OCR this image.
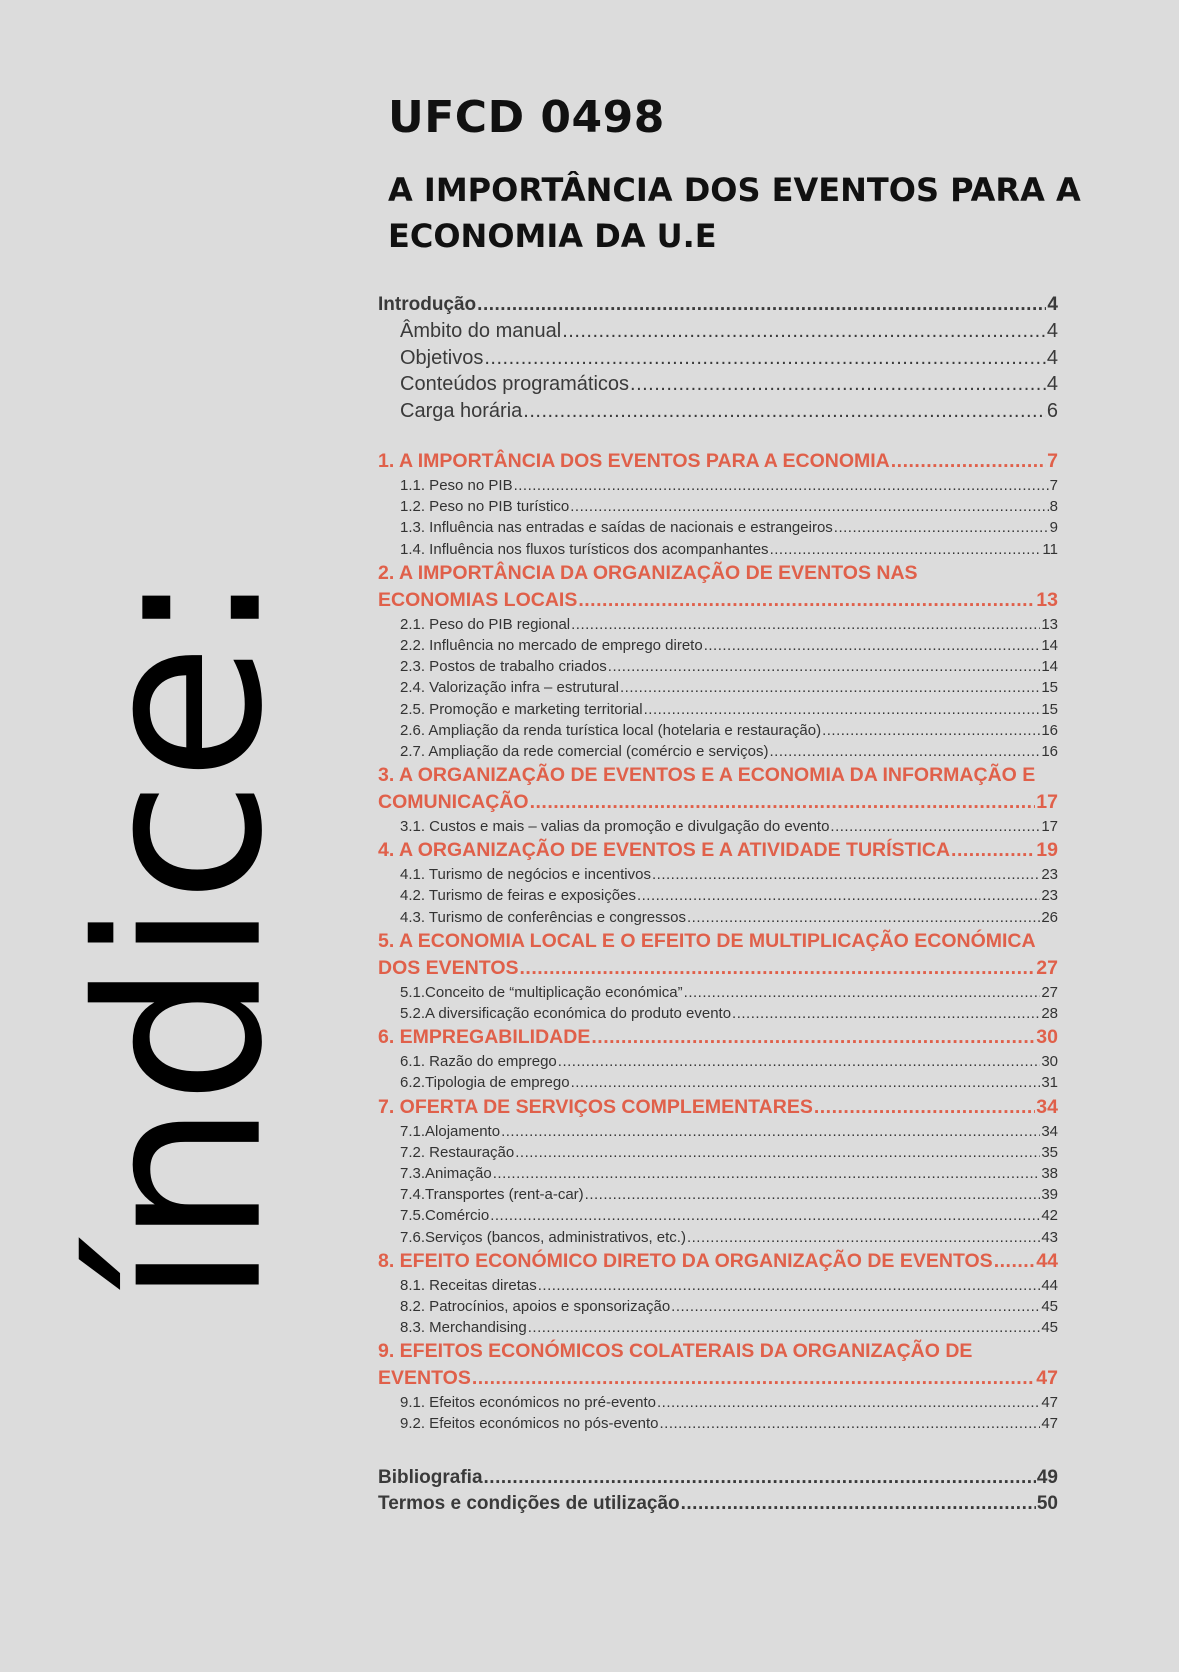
índice:
UFCD 0498
A IMPORTÂNCIA DOS EVENTOS PARA A
ECONOMIA DA U.E
Introdução .....	4
Âmbito do manual .....	4
Objetivos .....	4
Conteúdos programáticos .....	4
Carga horária .....	6
1. A IMPORTÂNCIA DOS EVENTOS PARA A ECONOMIA .....	7
1.1. Peso no PIB .....	7
1.2. Peso no PIB turístico .....	8
1.3. Influência nas entradas e saídas de nacionais e estrangeiros .....	9
1.4. Influência nos fluxos turísticos dos acompanhantes .....	11
2. A IMPORTÂNCIA DA ORGANIZAÇÃO DE EVENTOS NAS
ECONOMIAS LOCAIS .....	13
2.1. Peso do PIB regional .....	13
2.2. Influência no mercado de emprego direto .....	14
2.3. Postos de trabalho criados .....	14
2.4. Valorização infra – estrutural .....	15
2.5. Promoção e marketing territorial .....	15
2.6. Ampliação da renda turística local (hotelaria e restauração) .....	16
2.7. Ampliação da rede comercial (comércio e serviços) .....	16
3. A ORGANIZAÇÃO DE EVENTOS E A ECONOMIA DA INFORMAÇÃO E
COMUNICAÇÃO .....	17
3.1. Custos e mais – valias da promoção e divulgação do evento .....	17
4. A ORGANIZAÇÃO DE EVENTOS E A ATIVIDADE TURÍSTICA .....	19
4.1. Turismo de negócios e incentivos .....	23
4.2. Turismo de feiras e exposições .....	23
4.3. Turismo de conferências e congressos .....	26
5. A ECONOMIA LOCAL E O EFEITO DE MULTIPLICAÇÃO ECONÓMICA
DOS EVENTOS .....	27
5.1.Conceito de “multiplicação económica” .....	27
5.2.A diversificação económica do produto evento .....	28
6. EMPREGABILIDADE .....	30
6.1. Razão do emprego .....	30
6.2.Tipologia de emprego .....	31
7. OFERTA DE SERVIÇOS COMPLEMENTARES .....	34
7.1.Alojamento .....	34
7.2. Restauração .....	35
7.3.Animação .....	38
7.4.Transportes (rent-a-car) .....	39
7.5.Comércio .....	42
7.6.Serviços (bancos, administrativos, etc.) .....	43
8. EFEITO ECONÓMICO DIRETO DA ORGANIZAÇÃO DE EVENTOS ..... 44
8.1. Receitas diretas .....	44
8.2. Patrocínios, apoios e sponsorização .....	45
8.3. Merchandising .....	45
9. EFEITOS ECONÓMICOS COLATERAIS DA ORGANIZAÇÃO DE
EVENTOS .....	47
9.1. Efeitos económicos no pré-evento .....	47
9.2. Efeitos económicos no pós-evento .....	47
Bibliografia .....	49
Termos e condições de utilização .....	50
